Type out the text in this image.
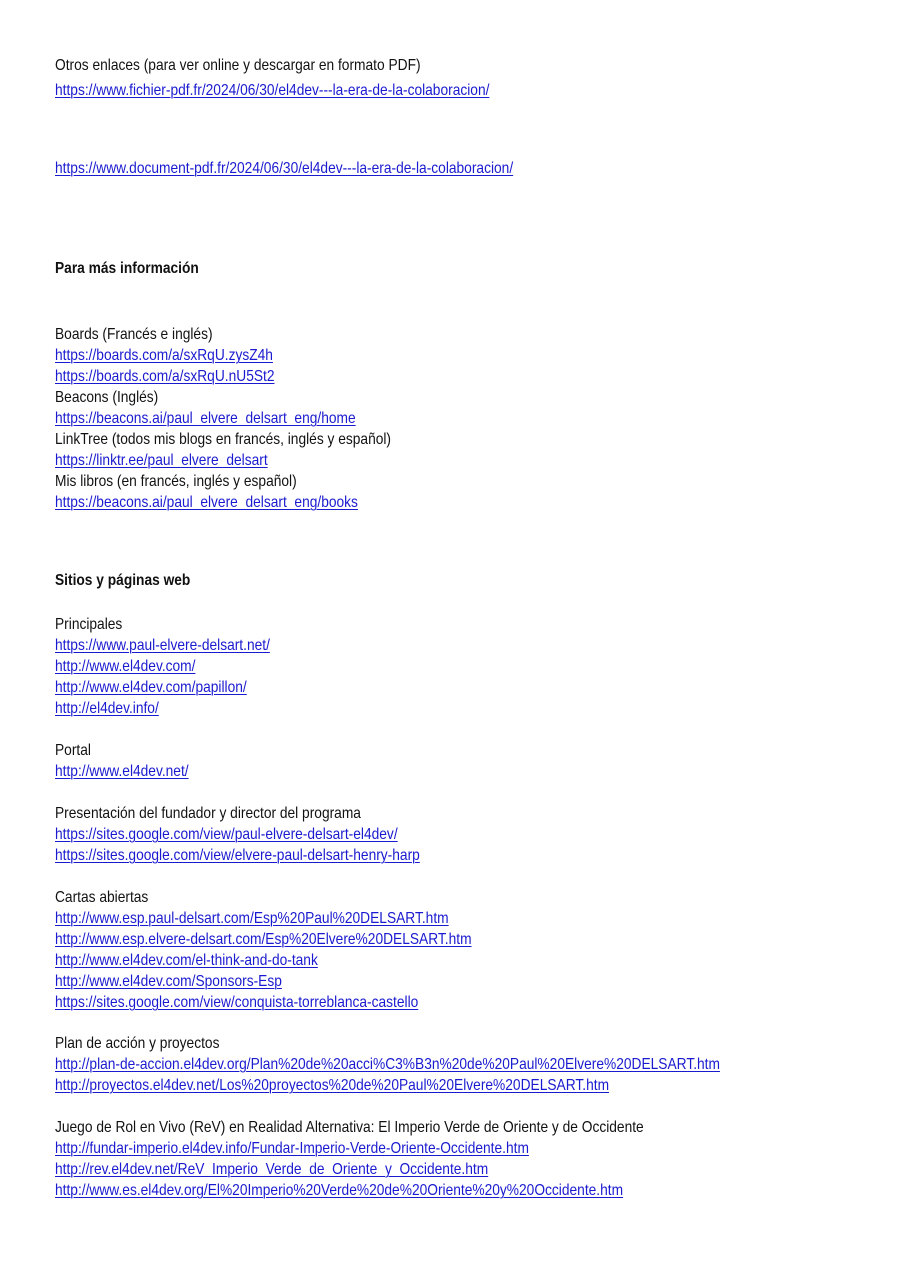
Otros enlaces (para ver online y descargar en formato PDF)
https://www.fichier-pdf.fr/2024/06/30/el4dev---la-era-de-la-colaboracion/
https://www.document-pdf.fr/2024/06/30/el4dev---la-era-de-la-colaboracion/
Para más información
Boards (Francés e inglés)
https://boards.com/a/sxRqU.zysZ4h
https://boards.com/a/sxRqU.nU5St2
Beacons (Inglés)
https://beacons.ai/paul_elvere_delsart_eng/home
LinkTree (todos mis blogs en francés, inglés y español)
https://linktr.ee/paul_elvere_delsart
Mis libros (en francés, inglés y español)
https://beacons.ai/paul_elvere_delsart_eng/books
Sitios y páginas web
Principales
https://www.paul-elvere-delsart.net/
http://www.el4dev.com/
http://www.el4dev.com/papillon/
http://el4dev.info/
Portal
http://www.el4dev.net/
Presentación del fundador y director del programa
https://sites.google.com/view/paul-elvere-delsart-el4dev/
https://sites.google.com/view/elvere-paul-delsart-henry-harp
Cartas abiertas
http://www.esp.paul-delsart.com/Esp%20Paul%20DELSART.htm
http://www.esp.elvere-delsart.com/Esp%20Elvere%20DELSART.htm
http://www.el4dev.com/el-think-and-do-tank
http://www.el4dev.com/Sponsors-Esp
https://sites.google.com/view/conquista-torreblanca-castello
Plan de acción y proyectos
http://plan-de-accion.el4dev.org/Plan%20de%20acci%C3%B3n%20de%20Paul%20Elvere%20DELSART.htm
http://proyectos.el4dev.net/Los%20proyectos%20de%20Paul%20Elvere%20DELSART.htm
Juego de Rol en Vivo (ReV) en Realidad Alternativa: El Imperio Verde de Oriente y de Occidente
http://fundar-imperio.el4dev.info/Fundar-Imperio-Verde-Oriente-Occidente.htm
http://rev.el4dev.net/ReV_Imperio_Verde_de_Oriente_y_Occidente.htm
http://www.es.el4dev.org/El%20Imperio%20Verde%20de%20Oriente%20y%20Occidente.htm
